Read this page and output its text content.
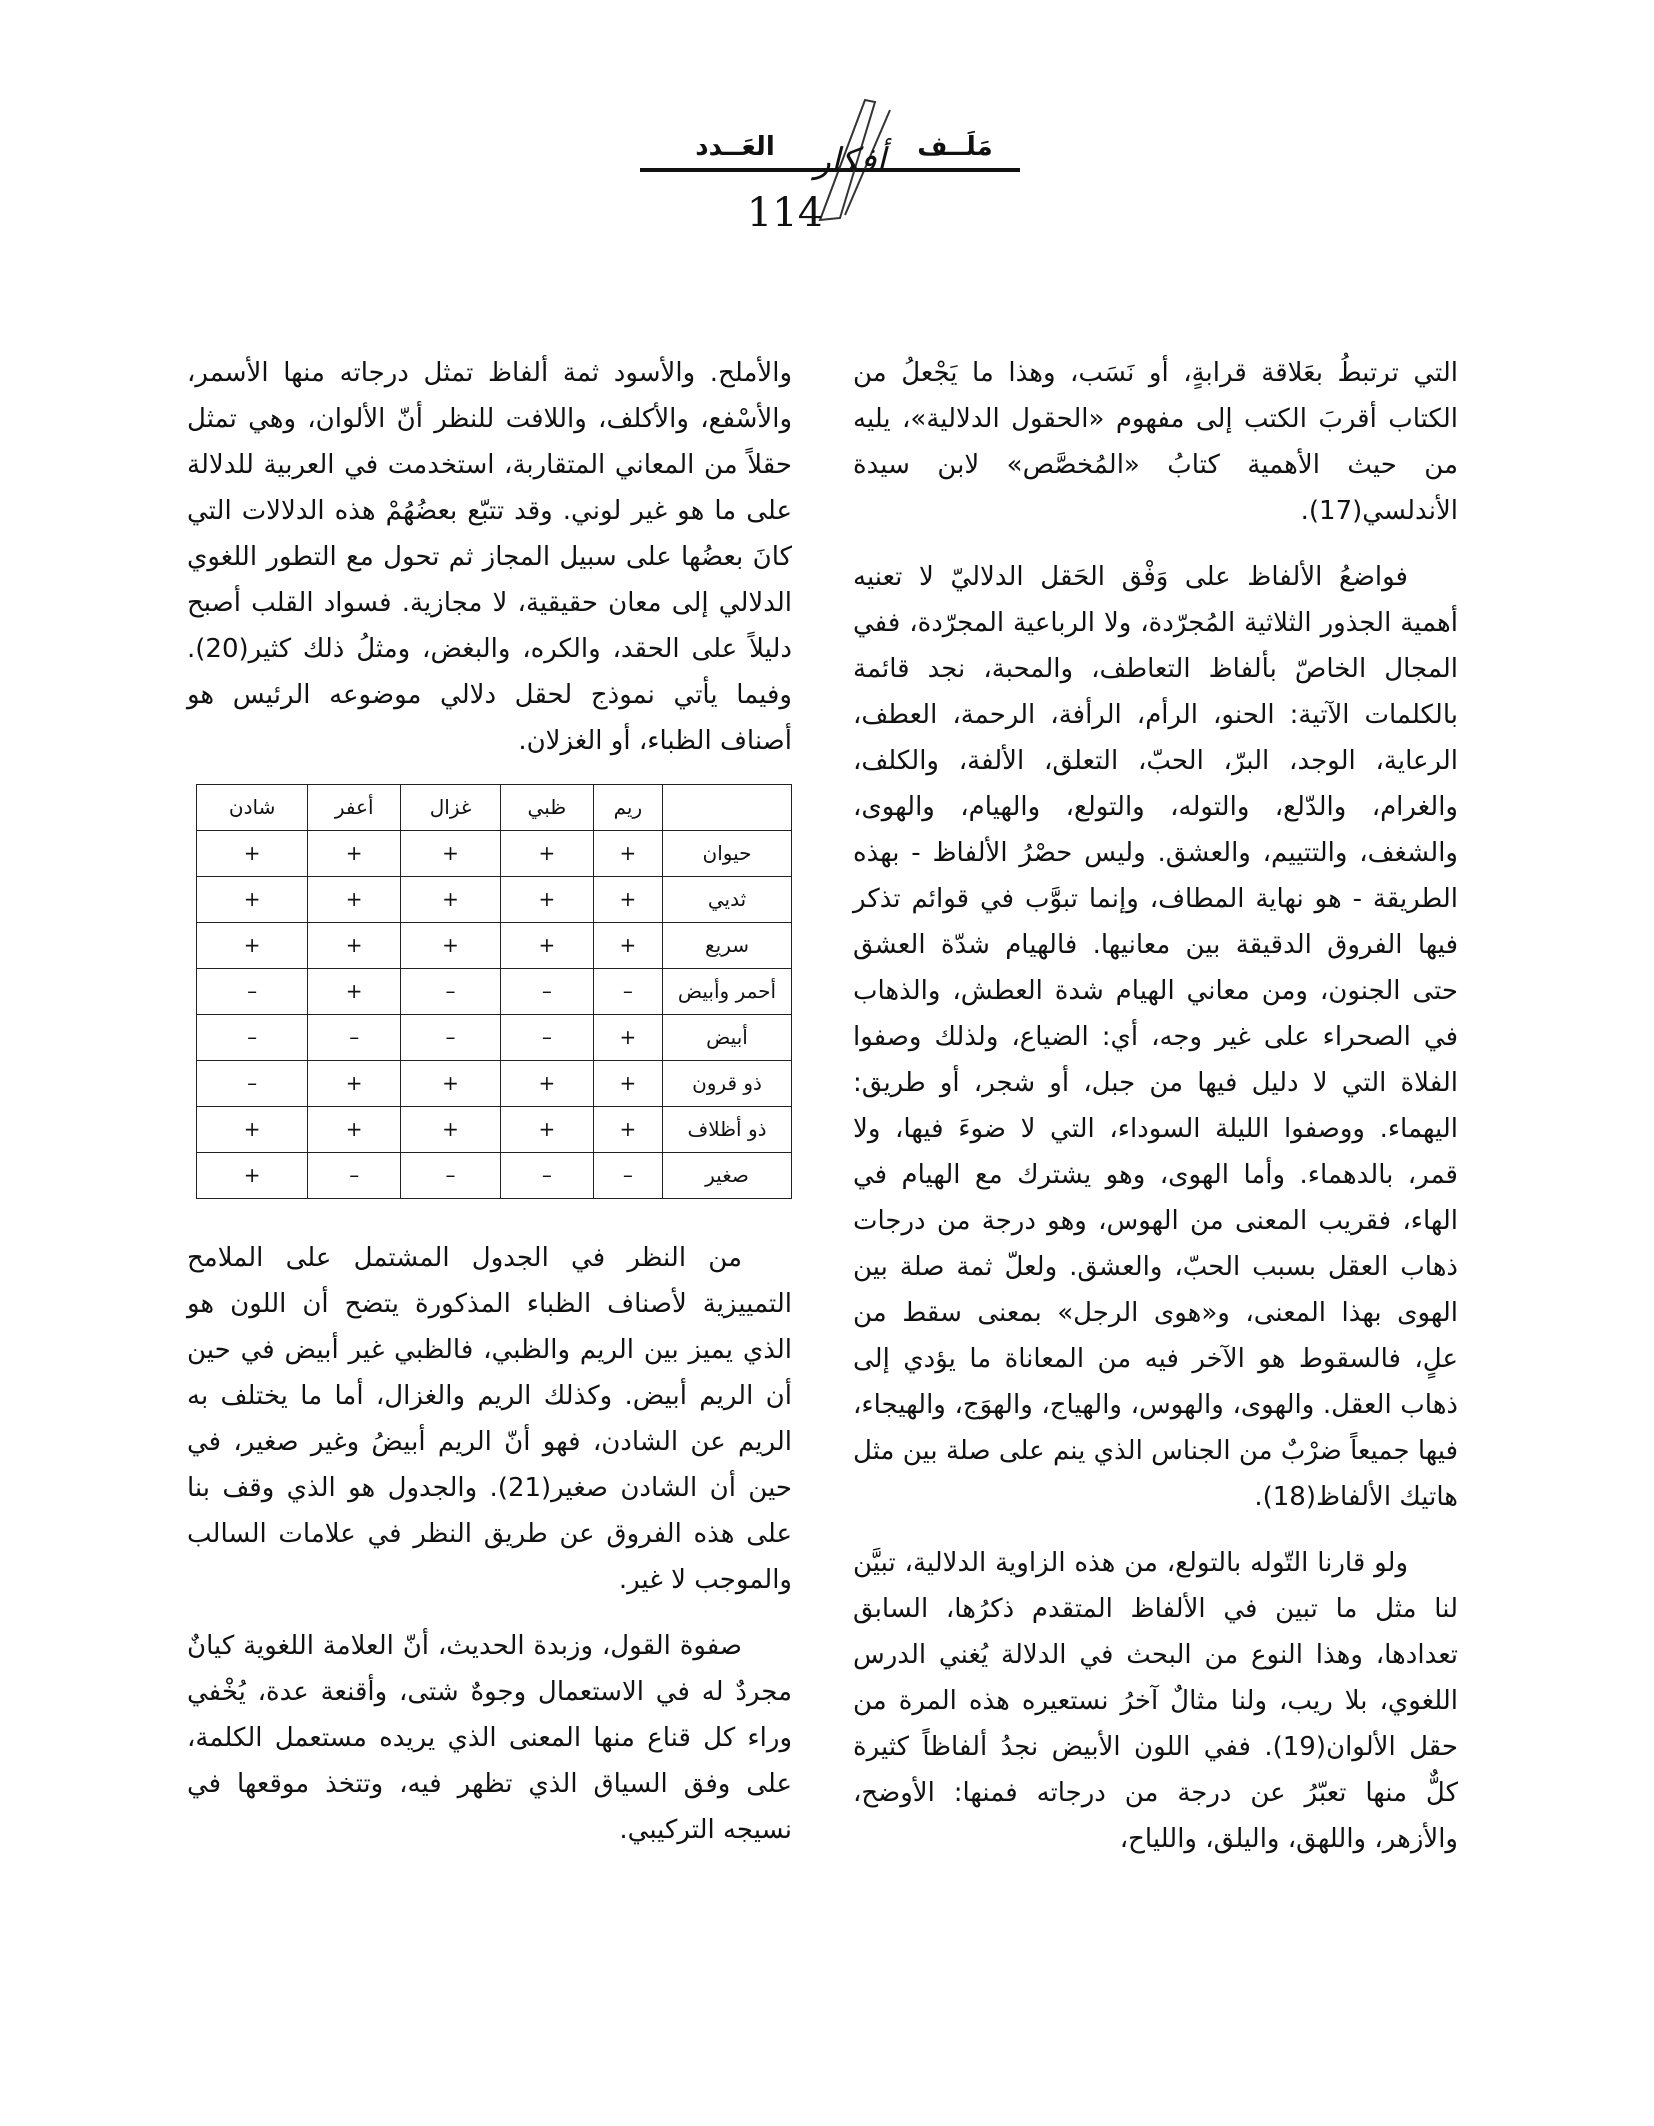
مَلَــف
العَــدد	أفكار
114

التي ترتبطُ بعَلاقة قرابةٍ، أو نَسَب، وهذا ما يَجْعلُ من الكتاب أقربَ الكتب إلى مفهوم «الحقول الدلالية»، يليه من حيث الأهمية كتابُ «المُخصَّص» لابن سيدة الأندلسي(17).

فواضعُ الألفاظ على وَفْق الحَقل الدلاليّ لا تعنيه أهمية الجذور الثلاثية المُجرّدة، ولا الرباعية المجرّدة، ففي المجال الخاصّ بألفاظ التعاطف، والمحبة، نجد قائمة بالكلمات الآتية: الحنو، الرأم، الرأفة، الرحمة، العطف، الرعاية، الوجد، البرّ، الحبّ، التعلق، الألفة، والكلف، والغرام، والدّلع، والتوله، والتولع، والهيام، والهوى، والشغف، والتتييم، والعشق. وليس حصْرُ الألفاظ - بهذه الطريقة - هو نهاية المطاف، وإنما تبوَّب في قوائم تذكر فيها الفروق الدقيقة بين معانيها. فالهيام شدّة العشق حتى الجنون، ومن معاني الهيام شدة العطش، والذهاب في الصحراء على غير وجه، أي: الضياع، ولذلك وصفوا الفلاة التي لا دليل فيها من جبل، أو شجر، أو طريق: اليهماء. ووصفوا الليلة السوداء، التي لا ضوءَ فيها، ولا قمر، بالدهماء. وأما الهوى، وهو يشترك مع الهيام في الهاء، فقريب المعنى من الهوس، وهو درجة من درجات ذهاب العقل بسبب الحبّ، والعشق. ولعلّ ثمة صلة بين الهوى بهذا المعنى، و«هوى الرجل» بمعنى سقط من علٍ، فالسقوط هو الآخر فيه من المعاناة ما يؤدي إلى ذهاب العقل. والهوى، والهوس، والهياج، والهوَج، والهيجاء، فيها جميعاً ضرْبٌ من الجناس الذي ينم على صلة بين مثل هاتيك الألفاظ(18).

ولو قارنا التّوله بالتولع، من هذه الزاوية الدلالية، تبيَّن لنا مثل ما تبين في الألفاظ المتقدم ذكرُها، السابق تعدادها، وهذا النوع من البحث في الدلالة يُغني الدرس اللغوي، بلا ريب، ولنا مثالٌ آخرُ نستعيره هذه المرة من حقل الألوان(19). ففي اللون الأبيض نجدُ ألفاظاً كثيرة كلٌّ منها تعبّرُ عن درجة من درجاته فمنها: الأوضح، والأزهر، واللهق، واليلق، واللياح،

والأملح. والأسود ثمة ألفاظ تمثل درجاته منها الأسمر، والأسْفع، والأكلف، واللافت للنظر أنّ الألوان، وهي تمثل حقلاً من المعاني المتقاربة، استخدمت في العربية للدلالة على ما هو غير لوني. وقد تتبّع بعضُهُمْ هذه الدلالات التي كانَ بعضُها على سبيل المجاز ثم تحول مع التطور اللغوي الدلالي إلى معان حقيقية، لا مجازية. فسواد القلب أصبح دليلاً على الحقد، والكره، والبغض، ومثلُ ذلك كثير(20). وفيما يأتي نموذج لحقل دلالي موضوعه الرئيس هو أصناف الظباء، أو الغزلان.

	ريم	ظبي	غزال	أعفر	شادن
حيوان	+	+	+	+	+
ثديي	+	+	+	+	+
سريع	+	+	+	+	+
أحمر وأبيض	–	–	–	+	–
أبيض	+	–	–	–	–
ذو قرون	+	+	+	+	–
ذو أظلاف	+	+	+	+	+
صغير	–	–	–	–	+

من النظر في الجدول المشتمل على الملامح التمييزية لأصناف الظباء المذكورة يتضح أن اللون هو الذي يميز بين الريم والظبي، فالظبي غير أبيض في حين أن الريم أبيض. وكذلك الريم والغزال، أما ما يختلف به الريم عن الشادن، فهو أنّ الريم أبيضُ وغير صغير، في حين أن الشادن صغير(21). والجدول هو الذي وقف بنا على هذه الفروق عن طريق النظر في علامات السالب والموجب لا غير.

صفوة القول، وزبدة الحديث، أنّ العلامة اللغوية كيانٌ مجردٌ له في الاستعمال وجوهٌ شتى، وأقنعة عدة، يُخْفي وراء كل قناع منها المعنى الذي يريده مستعمل الكلمة، على وفق السياق الذي تظهر فيه، وتتخذ موقعها في نسيجه التركيبي.
